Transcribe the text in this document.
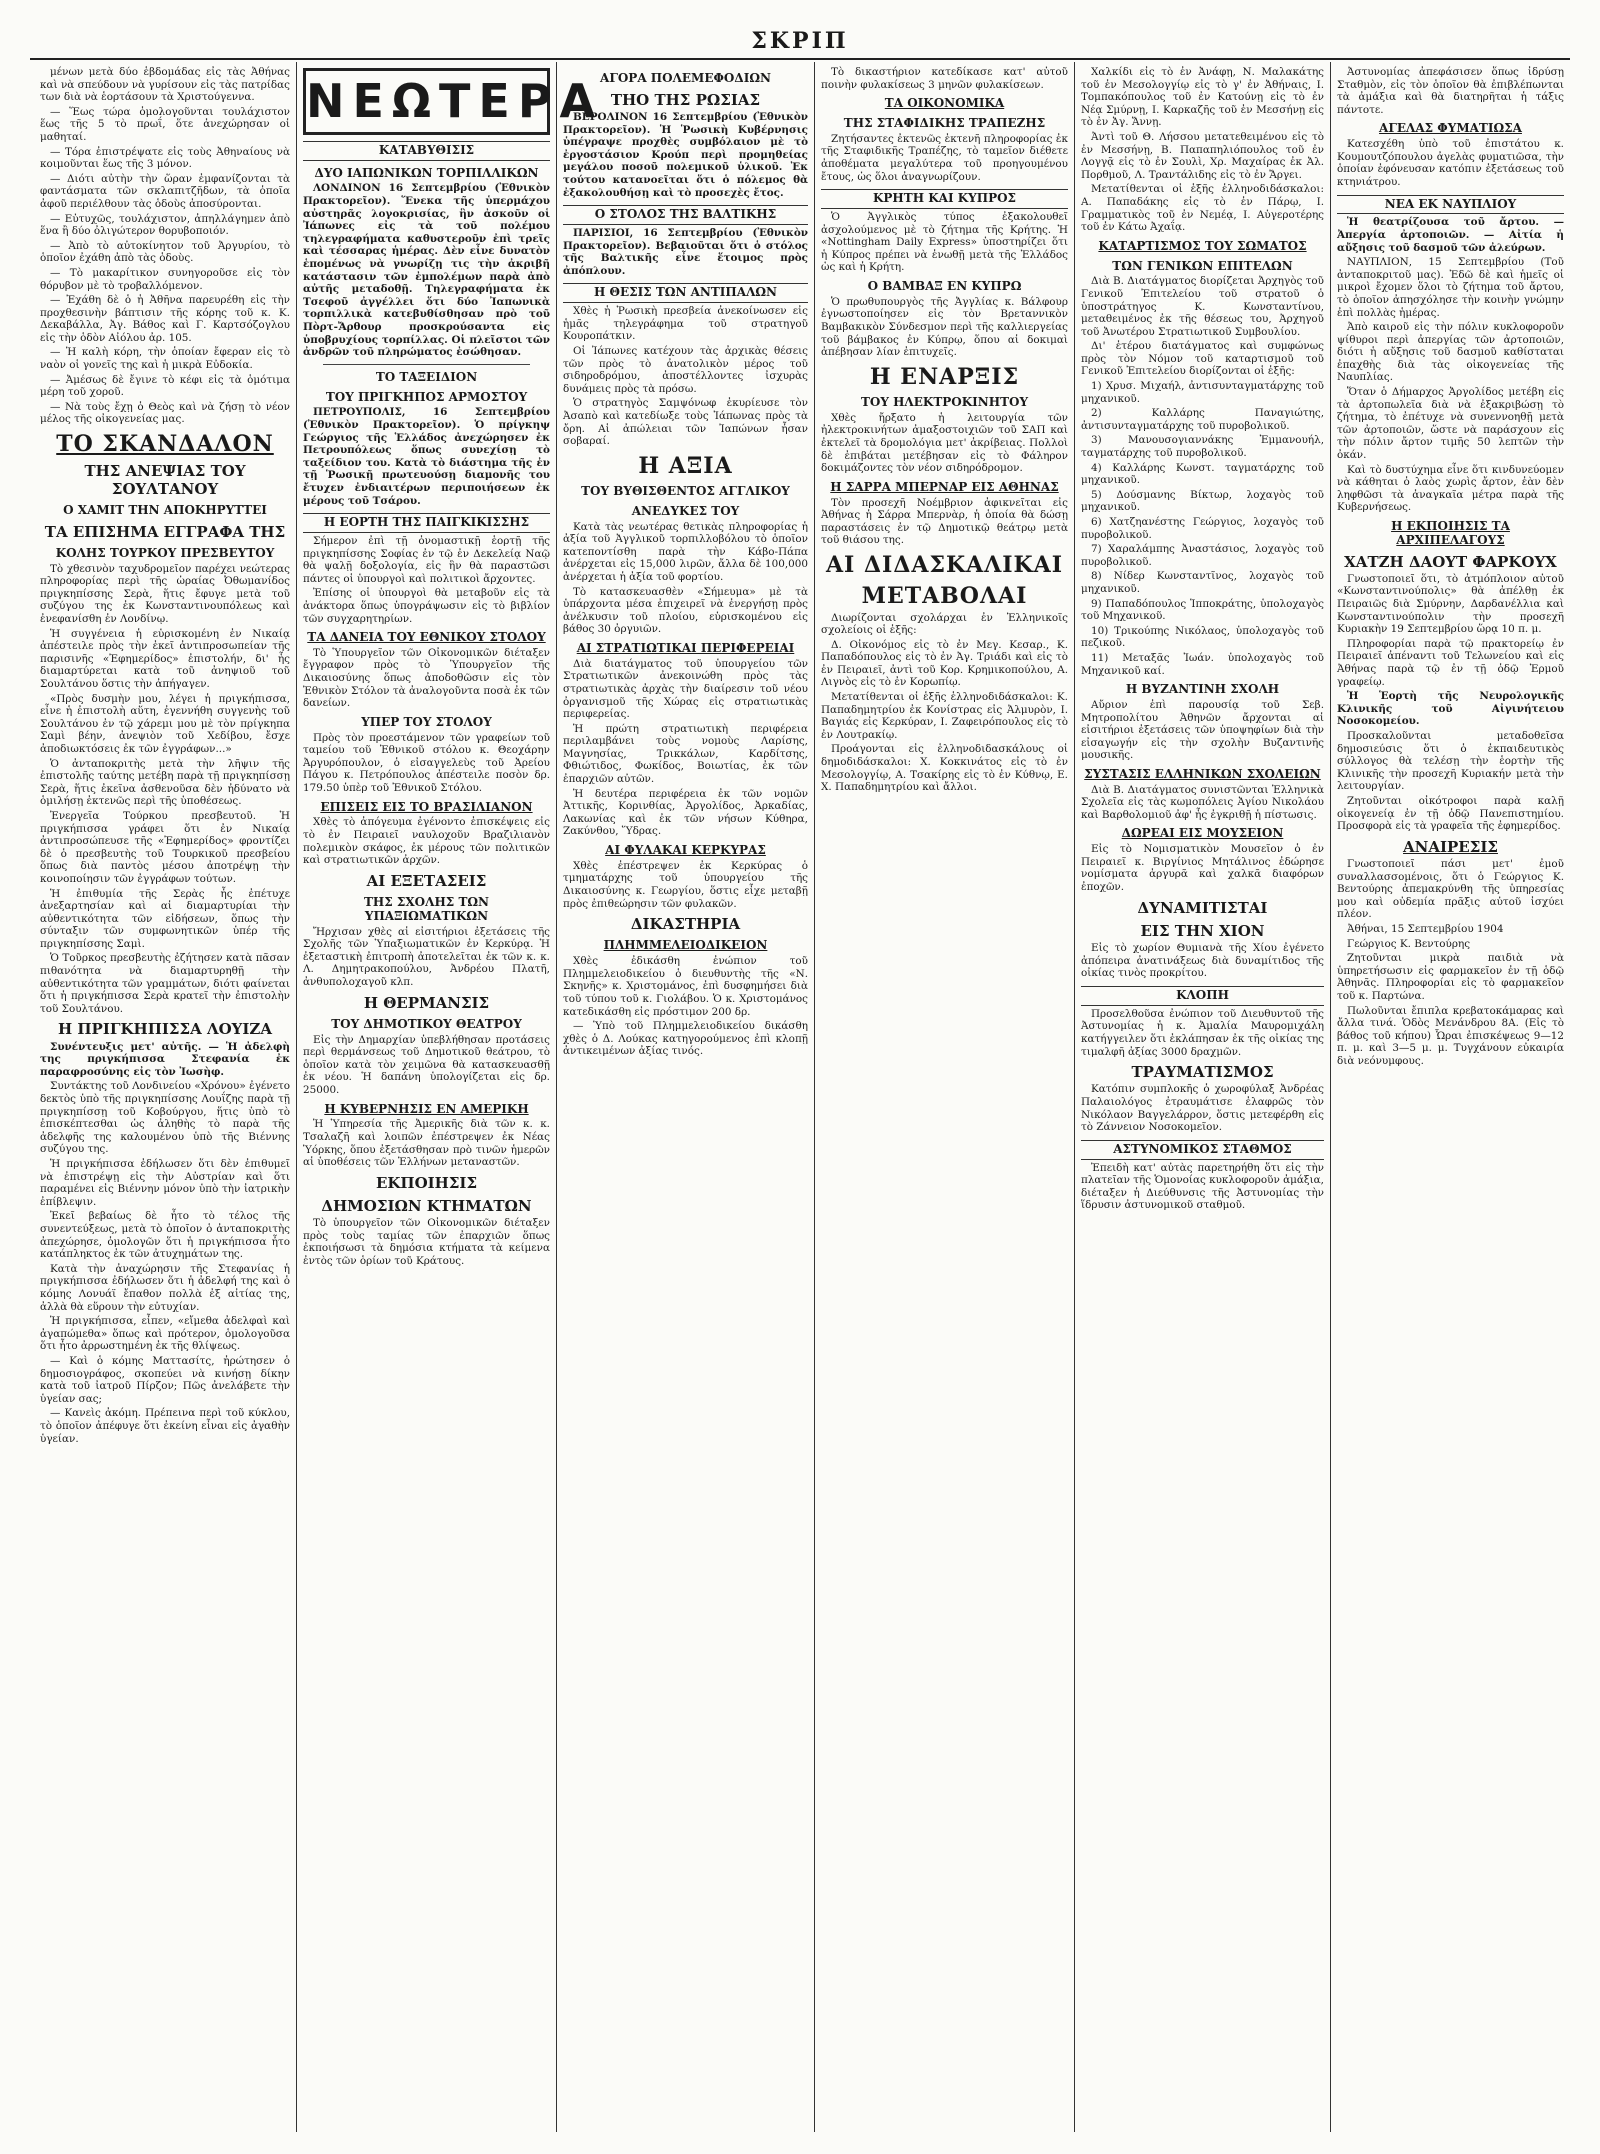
ΣΚΡΙΠ

μένων μετὰ δύο ἑβδομάδας εἰς τὰς Ἀθήνας καὶ νὰ σπεύδουν νὰ γυρίσουν εἰς τὰς πατρίδας των διὰ νὰ ἑορτάσουν τὰ Χριστούγεννα.

— Ἕως τώρα ὁμολογοῦνται τουλάχιστον ἕως τῆς 5 τὸ πρωΐ, ὅτε ἀνεχώρησαν οἱ μαθηταί.

— Τόρα ἐπιστρέψατε εἰς τοὺς Ἀθηναίους νὰ κοιμοῦνται ἕως τῆς 3 μόνον.

— Διότι αὐτὴν τὴν ὥραν ἐμφανίζονται τὰ φαντάσματα τῶν σκλαπιτζῆδων, τὰ ὁποῖα ἀφοῦ περιέλθουν τὰς ὁδοὺς ἀποσύρονται.

— Εὐτυχῶς, τουλάχιστον, ἀπηλλάγημεν ἀπὸ ἕνα ἢ δύο ὀλιγώτερον θορυβοποιόν.

— Ἀπὸ τὸ αὐτοκίνητον τοῦ Ἀργυρίου, τὸ ὁποῖον ἐχάθη ἀπὸ τὰς ὁδοὺς.

— Τὸ μακαρίτικον συνηγοροῦσε εἰς τὸν θόρυβον μὲ τὸ τροβαλλόμενον.

— Ἐχάθη δὲ ὁ ἡ Ἀθῆνα παρευρέθη εἰς τὴν προχθεσινὴν βάπτισιν τῆς κόρης τοῦ κ. Κ. Δεκαβάλλα, Ἀγ. Βάθος καὶ Γ. Καρτσόζογλου εἰς τὴν ὁδὸν Αἰόλου ἀρ. 105.

— Ἡ καλὴ κόρη, τὴν ὁποίαν ἔφεραν εἰς τὸ ναὸν οἱ γονεῖς της καὶ ἡ μικρὰ Εὐδοκία.

— Ἀμέσως δὲ ἔγινε τὸ κέφι εἰς τὰ ὁμότιμα μέρη τοῦ χοροῦ.

— Νὰ τοὺς ἔχῃ ὁ Θεὸς καὶ νὰ ζήσῃ τὸ νέον μέλος τῆς οἰκογενείας μας.

ΤΟ ΣΚΑΝΔΑΛΟΝ
ΤΗΣ ΑΝΕΨΙΑΣ ΤΟΥ ΣΟΥΛΤΑΝΟΥ
Ο ΧΑΜΙΤ ΤΗΝ ΑΠΟΚΗΡΥΤΤΕΙ
ΤΑ ΕΠΙΣΗΜΑ ΕΓΓΡΑΦΑ ΤΗΣ
ΚΟΛΗΣ ΤΟΥΡΚΟΥ ΠΡΕΣΒΕΥΤΟΥ

Τὸ χθεσινὸν ταχυδρομεῖον παρέχει νεώτερας πληροφορίας περὶ τῆς ὡραίας Ὀθωμανίδος πριγκηπίσσης Σερὰ, ἥτις ἔφυγε μετὰ τοῦ συζύγου της ἐκ Κωνσταντινουπόλεως καὶ ἐνεφανίσθη ἐν Λονδίνῳ.

Ἡ συγγένεια ἡ εὑρισκομένη ἐν Νικαίᾳ ἀπέστειλε πρὸς τὴν ἐκεῖ ἀντιπροσωπείαν τῆς παρισινῆς «Ἐφημερίδος» ἐπιστολήν, δι' ἧς διαμαρτύρεται κατὰ τοῦ ἀνηψιοῦ τοῦ Σουλτάνου ὅστις τὴν ἀπήγαγεν.

«Πρὸς δυσμὴν μου, λέγει ἡ πριγκήπισσα, εἶνε ἡ ἐπιστολὴ αὕτη, ἐγεννήθη συγγενὴς τοῦ Σουλτάνου ἐν τῷ χάρεμι μου μὲ τὸν πρίγκηπα Σαμὶ βέην, ἀνεψιὸν τοῦ Χεδίβου, ἔσχε ἀποδιωκτόσεις ἐκ τῶν ἐγγράφων...»

Ὁ ἀνταποκριτὴς μετὰ τὴν λῆψιν τῆς ἐπιστολῆς ταύτης μετέβη παρὰ τῇ πριγκηπίσσῃ Σερὰ, ἥτις ἐκεῖνα ἀσθενοῦσα δὲν ἠδύνατο νὰ ὁμιλήσῃ ἐκτενῶς περὶ τῆς ὑποθέσεως.

Ἐνεργεῖα Τούρκου πρεσβευτοῦ. Ἡ πριγκήπισσα γράφει ὅτι ἐν Νικαίᾳ ἀντιπροσώπευσε τῆς «Ἐφημερίδος» φροντίζει δὲ ὁ πρεσβευτὴς τοῦ Τουρκικοῦ πρεσβείου ὅπως διὰ παντὸς μέσου ἀποτρέψῃ τὴν κοινοποίησιν τῶν ἐγγράφων τούτων.

Ἡ ἐπιθυμία τῆς Σερὰς ἧς ἐπέτυχε ἀνεξαρτησίαν καὶ αἱ διαμαρτυρίαι τὴν αὐθεντικότητα τῶν εἰδήσεων, ὅπως τὴν σύνταξιν τῶν συμφωνητικῶν ὑπέρ τῆς πριγκηπίσσης Σαμὶ.

Ὁ Τοῦρκος πρεσβευτὴς ἐζήτησεν κατὰ πᾶσαν πιθανότητα νὰ διαμαρτυρηθῇ τὴν αὐθεντικότητα τῶν γραμμάτων, διότι φαίνεται ὅτι ἡ πριγκήπισσα Σερὰ κρατεῖ τὴν ἐπιστολὴν τοῦ Σουλτάνου.

Η ΠΡΙΓΚΗΠΙΣΣΑ ΛΟΥΙΖΑ

Συνέντευξις μετ' αὐτῆς. — Ἡ ἀδελφὴ της πριγκήπισσα Στεφανία ἐκ παραφροσύνης εἰς τὸν Ἰωσὴφ.

Συντάκτης τοῦ Λονδινείου «Χρόνου» ἐγένετο δεκτὸς ὑπὸ τῆς πριγκηπίσσης Λουΐζης παρὰ τῇ πριγκηπίσσῃ τοῦ Κοβούργου, ἥτις ὑπὸ τὸ ἐπισκέπτεσθαι ὡς ἀληθὴς τὸ παρὰ τῆς ἀδελφῆς της καλουμένου ὑπὸ τῆς Βιέννης συζύγου της.

Ἡ πριγκήπισσα ἐδήλωσεν ὅτι δὲν ἐπιθυμεῖ νὰ ἐπιστρέψῃ εἰς τὴν Αὐστρίαν καὶ ὅτι παραμένει εἰς Βιέννην μόνον ὑπὸ τὴν ἰατρικὴν ἐπίβλεψιν.

Ἐκεῖ βεβαίως δὲ ἦτο τὸ τέλος τῆς συνεντεύξεως, μετὰ τὸ ὁποῖον ὁ ἀνταποκριτὴς ἀπεχώρησε, ὁμολογῶν ὅτι ἡ πριγκήπισσα ἦτο κατάπληκτος ἐκ τῶν ἀτυχημάτων της.

Κατὰ τὴν ἀναχώρησιν τῆς Στεφανίας ἡ πριγκήπισσα ἐδήλωσεν ὅτι ἡ ἀδελφή της καὶ ὁ κόμης Λονυάϊ ἔπαθον πολλὰ ἐξ αἰτίας της, ἀλλὰ θὰ εὕρουν τὴν εὐτυχίαν.

Ἡ πριγκήπισσα, εἶπεν, «εἴμεθα ἀδελφαὶ καὶ ἀγαπώμεθα» ὅπως καὶ πρότερον, ὁμολογοῦσα ὅτι ἦτο ἀρρωστημένη ἐκ τῆς θλίψεως.

— Καὶ ὁ κόμης Ματτασίτς, ἠρώτησεν ὁ δημοσιογράφος, σκοπεύει νὰ κινήσῃ δίκην κατὰ τοῦ ἰατροῦ Πίρζον; Πῶς ἀνελάβετε τὴν ὑγείαν σας;

— Κανεὶς ἀκόμη. Πρέπεινα περὶ τοῦ κύκλου, τὸ ὁποῖον ἀπέφυγε ὅτι ἐκείνη εἶναι εἰς ἀγαθὴν ὑγείαν.

ΝΕΩΤΕΡΑ
ΚΑΤΑΒΥΘΙΣΙΣ
ΔΥΟ ΙΑΠΩΝΙΚΩΝ ΤΟΡΠΙΛΛΙΚΩΝ

ΛΟΝΔΙΝΟΝ 16 Σεπτεμβρίου (Ἐθνικὸν Πρακτορεῖον). Ἕνεκα τῆς ὑπερμάχου αὐστηρᾶς λογοκρισίας, ἣν ἀσκοῦν οἱ Ἰάπωνες εἰς τὰ τοῦ πολέμου τηλεγραφήματα καθυστεροῦν ἐπὶ τρεῖς καὶ τέσσαρας ἡμέρας. Δὲν εἶνε δυνατὸν ἑπομένως νὰ γνωρίζῃ τις τὴν ἀκριβῆ κατάστασιν τῶν ἐμπολέμων παρὰ ἀπὸ αὐτῆς μεταδοθῇ. Τηλεγραφήματα ἐκ Τσεφοῦ ἀγγέλλει ὅτι δύο Ἰαπωνικὰ τορπιλλικὰ κατεβυθίσθησαν πρὸ τοῦ Πὸρτ-Ἄρθουρ προσκρούσαντα εἰς ὑποβρυχίους τορπίλλας. Οἱ πλεῖστοι τῶν ἀνδρῶν τοῦ πληρώματος ἐσώθησαν.

ΤΟ ΤΑΞΕΙΔΙΟΝ
ΤΟΥ ΠΡΙΓΚΗΠΟΣ ΑΡΜΟΣΤΟΥ

ΠΕΤΡΟΥΠΟΛΙΣ, 16 Σεπτεμβρίου (Ἐθνικὸν Πρακτορεῖον). Ὁ πρίγκηψ Γεώργιος τῆς Ἑλλάδος ἀνεχώρησεν ἐκ Πετρουπόλεως ὅπως συνεχίσῃ τὸ ταξείδιον του. Κατὰ τὸ διάστημα τῆς ἐν τῇ Ῥωσικῇ πρωτευούσῃ διαμονῆς του ἔτυχεν ἐνδιαιτέρων περιποιήσεων ἐκ μέρους τοῦ Τσάρου.

Η ΕΟΡΤΗ ΤΗΣ ΠΑΙΓΚΙΚΙΣΣΗΣ

Σήμερον ἐπὶ τῇ ὀνομαστικῇ ἑορτῇ τῆς πριγκηπίσσης Σοφίας ἐν τῷ ἐν Δεκελείᾳ Ναῷ θὰ ψαλῇ δοξολογία, εἰς ἣν θὰ παραστῶσι πάντες οἱ ὑπουργοὶ καὶ πολιτικοὶ ἄρχοντες.

Ἐπίσης οἱ ὑπουργοὶ θὰ μεταβοῦν εἰς τὰ ἀνάκτορα ὅπως ὑπογράψωσιν εἰς τὸ βιβλίον τῶν συγχαρητηρίων.

ΤΑ ΔΑΝΕΙΑ ΤΟΥ ΕΘΝΙΚΟΥ ΣΤΟΛΟΥ

Τὸ Ὑπουργεῖον τῶν Οἰκονομικῶν διέταξεν ἔγγραφον πρὸς τὸ Ὑπουργεῖον τῆς Δικαιοσύνης ὅπως ἀποδοθῶσιν εἰς τὸν Ἐθνικὸν Στόλον τὰ ἀναλογοῦντα ποσὰ ἐκ τῶν δανείων.

ΥΠΕΡ ΤΟΥ ΣΤΟΛΟΥ

Πρὸς τὸν προεστάμενον τῶν γραφείων τοῦ ταμείου τοῦ Ἐθνικοῦ στόλου κ. Θεοχάρην Ἀργυρόπουλον, ὁ εἰσαγγελεὺς τοῦ Ἀρείου Πάγου κ. Πετρόπουλος ἀπέστειλε ποσὸν δρ. 179.50 ὑπὲρ τοῦ Ἐθνικοῦ Στόλου.

ΕΠΙΣΕΙΣ ΕΙΣ ΤΟ ΒΡΑΣΙΛΙΑΝΟΝ

Χθὲς τὸ ἀπόγευμα ἐγένοντο ἐπισκέψεις εἰς τὸ ἐν Πειραιεῖ ναυλοχοῦν Βραζιλιανὸν πολεμικὸν σκάφος, ἐκ μέρους τῶν πολιτικῶν καὶ στρατιωτικῶν ἀρχῶν.

ΑΙ ΕΞΕΤΑΣΕΙΣ
ΤΗΣ ΣΧΟΛΗΣ ΤΩΝ ΥΠΑΞΙΩΜΑΤΙΚΩΝ

Ἤρχισαν χθὲς αἱ εἰσιτήριοι ἐξετάσεις τῆς Σχολῆς τῶν Ὑπαξιωματικῶν ἐν Κερκύρᾳ. Ἡ ἐξεταστικὴ ἐπιτροπὴ ἀποτελεῖται ἐκ τῶν κ. κ. Λ. Δημητρακοπούλου, Ἀνδρέου Πλατῆ, ἀνθυπολοχαγοῦ κλπ.

Η ΘΕΡΜΑΝΣΙΣ
ΤΟΥ ΔΗΜΟΤΙΚΟΥ ΘΕΑΤΡΟΥ

Εἰς τὴν Δημαρχίαν ὑπεβλήθησαν προτάσεις περὶ θερμάνσεως τοῦ Δημοτικοῦ θεάτρου, τὸ ὁποῖον κατὰ τὸν χειμῶνα θὰ κατασκευασθῇ ἐκ νέου. Ἡ δαπάνη ὑπολογίζεται εἰς δρ. 25000.

Η ΚΥΒΕΡΝΗΣΙΣ ΕΝ ΑΜΕΡΙΚΗ

Ἡ Ὑπηρεσία τῆς Ἀμερικῆς διὰ τῶν κ. κ. Τσαλαζῆ καὶ λοιπῶν ἐπέστρεψεν ἐκ Νέας Ὑόρκης, ὅπου ἐξετάσθησαν πρὸ τινῶν ἡμερῶν αἱ ὑποθέσεις τῶν Ἑλλήνων μεταναστῶν.

ΕΚΠΟΙΗΣΙΣ
ΔΗΜΟΣΙΩΝ ΚΤΗΜΑΤΩΝ

Τὸ ὑπουργεῖον τῶν Οἰκονομικῶν διέταξεν πρὸς τοὺς ταμίας τῶν ἐπαρχιῶν ὅπως ἐκποιήσωσι τὰ δημόσια κτήματα τὰ κείμενα ἐντὸς τῶν ὁρίων τοῦ Κράτους.

ΑΓΟΡΑ ΠΟΛΕΜΕΦΟΔΙΩΝ
ΤΗΟ ΤΗΣ ΡΩΣΙΑΣ

ΒΕΡΟΛΙΝΟΝ 16 Σεπτεμβρίου (Ἐθνικὸν Πρακτορεῖον). Ἡ Ῥωσικὴ Κυβέρνησις ὑπέγραψε προχθὲς συμβόλαιον μὲ τὸ ἐργοστάσιον Κρούπ περὶ προμηθείας μεγάλου ποσοῦ πολεμικοῦ ὑλικοῦ. Ἐκ τούτου κατανοεῖται ὅτι ὁ πόλεμος θὰ ἐξακολουθήσῃ καὶ τὸ προσεχὲς ἔτος.

Ο ΣΤΟΛΟΣ ΤΗΣ ΒΑΛΤΙΚΗΣ

ΠΑΡΙΣΙΟΙ, 16 Σεπτεμβρίου (Ἐθνικὸν Πρακτορεῖον). Βεβαιοῦται ὅτι ὁ στόλος τῆς Βαλτικῆς εἶνε ἕτοιμος πρὸς ἀπόπλουν.

Η ΘΕΣΙΣ ΤΩΝ ΑΝΤΙΠΑΛΩΝ

Χθὲς ἡ Ῥωσικὴ πρεσβεία ἀνεκοίνωσεν εἰς ἡμᾶς τηλεγράφημα τοῦ στρατηγοῦ Κουροπάτκιν.

Οἱ Ἰάπωνες κατέχουν τὰς ἀρχικὰς θέσεις τῶν πρὸς τὸ ἀνατολικὸν μέρος τοῦ σιδηροδρόμου, ἀποστέλλοντες ἰσχυρὰς δυνάμεις πρὸς τὰ πρόσω.

Ὁ στρατηγὸς Σαμψόνωφ ἐκυρίευσε τὸν Ἀσαπὸ καὶ κατεδίωξε τοὺς Ἰάπωνας πρὸς τὰ ὄρη. Αἱ ἀπώλειαι τῶν Ἰαπώνων ἦσαν σοβαραί.

Η ΑΞΙΑ
ΤΟΥ ΒΥΘΙΣΘΕΝΤΟΣ ΑΓΓΛΙΚΟΥ
ΑΝΕΔΥΚΕΣ ΤΟΥ

Κατὰ τὰς νεωτέρας θετικὰς πληροφορίας ἡ ἀξία τοῦ Ἀγγλικοῦ τορπιλλοβόλου τὸ ὁποῖον κατεποντίσθη παρὰ τὴν Κάβο-Πάπα ἀνέρχεται εἰς 15,000 λιρῶν, ἄλλα δὲ 100,000 ἀνέρχεται ἡ ἀξία τοῦ φορτίου.

Τὸ κατασκευασθὲν «Σήμευμα» μὲ τὰ ὑπάρχοντα μέσα ἐπιχειρεῖ νὰ ἐνεργήσῃ πρὸς ἀνέλκυσιν τοῦ πλοίου, εὑρισκομένου εἰς βάθος 30 ὀργυιῶν.

ΑΙ ΣΤΡΑΤΙΩΤΙΚΑΙ ΠΕΡΙΦΕΡΕΙΑΙ

Διὰ διατάγματος τοῦ ὑπουργείου τῶν Στρατιωτικῶν ἀνεκοινώθη πρὸς τὰς στρατιωτικὰς ἀρχὰς τὴν διαίρεσιν τοῦ νέου ὀργανισμοῦ τῆς Χώρας εἰς στρατιωτικὰς περιφερείας.

Ἡ πρώτη στρατιωτικὴ περιφέρεια περιλαμβάνει τοὺς νομοὺς Λαρίσης, Μαγνησίας, Τρικκάλων, Καρδίτσης, Φθιώτιδος, Φωκίδος, Βοιωτίας, ἐκ τῶν ἐπαρχιῶν αὐτῶν.

Ἡ δευτέρα περιφέρεια ἐκ τῶν νομῶν Ἀττικῆς, Κορινθίας, Ἀργολίδος, Ἀρκαδίας, Λακωνίας καὶ ἐκ τῶν νήσων Κύθηρα, Ζακύνθου, Ὕδρας.

ΑΙ ΦΥΛΑΚΑΙ ΚΕΡΚΥΡΑΣ

Χθὲς ἐπέστρεψεν ἐκ Κερκύρας ὁ τμηματάρχης τοῦ ὑπουργείου τῆς Δικαιοσύνης κ. Γεωργίου, ὅστις εἶχε μεταβῇ πρὸς ἐπιθεώρησιν τῶν φυλακῶν.

ΔΙΚΑΣΤΗΡΙΑ
ΠΛΗΜΜΕΛΕΙΟΔΙΚΕΙΟΝ

Χθὲς ἐδικάσθη ἐνώπιον τοῦ Πλημμελειοδικείου ὁ διευθυντὴς τῆς «Ν. Σκηνῆς» κ. Χριστομάνος, ἐπὶ δυσφημήσει διὰ τοῦ τύπου τοῦ κ. Γιολάβου. Ὁ κ. Χριστομάνος κατεδικάσθη εἰς πρόστιμον 200 δρ.

— Ὑπὸ τοῦ Πλημμελειοδικείου δικάσθη χθὲς ὁ Δ. Λούκας κατηγορούμενος ἐπὶ κλοπῇ ἀντικειμένων ἀξίας τινός.

Τὸ δικαστήριον κατεδίκασε κατ' αὐτοῦ ποινὴν φυλακίσεως 3 μηνῶν φυλακίσεων.

ΤΑ ΟΙΚΟΝΟΜΙΚΑ
ΤΗΣ ΣΤΑΦΙΔΙΚΗΣ ΤΡΑΠΕΖΗΣ

Ζητήσαντες ἐκτενῶς ἐκτενῆ πληροφορίας ἐκ τῆς Σταφιδικῆς Τραπέζης, τὸ ταμεῖον διέθετε ἀποθέματα μεγαλύτερα τοῦ προηγουμένου ἔτους, ὡς ὅλοι ἀναγνωρίζουν.

ΚΡΗΤΗ ΚΑΙ ΚΥΠΡΟΣ

Ὁ Ἀγγλικὸς τύπος ἐξακολουθεῖ ἀσχολούμενος μὲ τὸ ζήτημα τῆς Κρήτης. Ἡ «Nottingham Daily Express» ὑποστηρίζει ὅτι ἡ Κύπρος πρέπει νὰ ἑνωθῇ μετὰ τῆς Ἑλλάδος ὡς καὶ ἡ Κρήτη.

Ο ΒΑΜΒΑΞ ΕΝ ΚΥΠΡΩ

Ὁ πρωθυπουργὸς τῆς Ἀγγλίας κ. Βάλφουρ ἐγνωστοποίησεν εἰς τὸν Βρεταννικὸν Βαμβακικὸν Σύνδεσμον περὶ τῆς καλλιεργείας τοῦ βάμβακος ἐν Κύπρῳ, ὅπου αἱ δοκιμαὶ ἀπέβησαν λίαν ἐπιτυχεῖς.

Η ΕΝΑΡΞΙΣ
ΤΟΥ ΗΛΕΚΤΡΟΚΙΝΗΤΟΥ

Χθὲς ἤρξατο ἡ λειτουργία τῶν ἠλεκτροκινήτων ἀμαξοστοιχιῶν τοῦ ΣΑΠ καὶ ἐκτελεῖ τὰ δρομολόγια μετ' ἀκρίβειας. Πολλοὶ δὲ ἐπιβάται μετέβησαν εἰς τὸ Φάληρον δοκιμάζοντες τὸν νέον σιδηρόδρομον.

Η ΣΑΡΡΑ ΜΠΕΡΝΑΡ ΕΙΣ ΑΘΗΝΑΣ

Τὸν προσεχῆ Νοέμβριον ἀφικνεῖται εἰς Ἀθήνας ἡ Σάρρα Μπερνὰρ, ἡ ὁποία θὰ δώσῃ παραστάσεις ἐν τῷ Δημοτικῷ θεάτρῳ μετὰ τοῦ θιάσου της.

ΑΙ ΔΙΔΑΣΚΑΛΙΚΑΙ
ΜΕΤΑΒΟΛΑΙ

Διωρίζονται σχολάρχαι ἐν Ἑλληνικοῖς σχολείοις οἱ ἑξῆς:

Δ. Οἰκονόμος εἰς τὸ ἐν Μεγ. Κεσαρ., Κ. Παπαδόπουλος εἰς τὸ ἐν Ἀγ. Τριάδι καὶ εἰς τὸ ἐν Πειραιεῖ, ἀντὶ τοῦ Κορ. Κρημικοπούλου, Α. Λιγνὸς εἰς τὸ ἐν Κορωπίῳ.

Μετατίθενται οἱ ἑξῆς ἑλληνοδιδάσκαλοι: Κ. Παπαδημητρίου ἐκ Κονίστρας εἰς Ἀλμυρὸν, Ι. Βαγιάς εἰς Κερκύραν, Ι. Ζαφειρόπουλος εἰς τὸ ἐν Λουτρακίῳ.

Προάγονται εἰς ἑλληνοδιδασκάλους οἱ δημοδιδάσκαλοι: Χ. Κοκκινάτος εἰς τὸ ἐν Μεσολογγίῳ, Α. Τσακίρης εἰς τὸ ἐν Κύθνῳ, Ε. Χ. Παπαδημητρίου καὶ ἄλλοι.

Χαλκίδι εἰς τὸ ἐν Ἀνάφῃ, Ν. Μαλακάτης τοῦ ἐν Μεσολογγίῳ εἰς τὸ γ' ἐν Ἀθήναις, Ι. Τομπακόπουλος τοῦ ἐν Κατούνῃ εἰς τὸ ἐν Νέᾳ Σμύρνῃ, Ι. Καρκαζῆς τοῦ ἐν Μεσσήνῃ εἰς τὸ ἐν Ἀγ. Ἄννῃ.

Ἀντὶ τοῦ Θ. Λήσσου μετατεθειμένου εἰς τὸ ἐν Μεσσήνῃ, Β. Παπαπηλιόπουλος τοῦ ἐν Λογγᾷ εἰς τὸ ἐν Σουλὶ, Χρ. Μαχαίρας ἐκ Ἀλ. Πορθμοῦ, Λ. Τραντάλιδης εἰς τὸ ἐν Ἄργει.

Μετατίθενται οἱ ἑξῆς ἑλληνοδιδάσκαλοι: Α. Παπαδάκης εἰς τὸ ἐν Πάρῳ, Ι. Γραμματικὸς τοῦ ἐν Νεμέᾳ, Ι. Αὐγεροτέρης τοῦ ἐν Κάτω Ἀχαΐᾳ.

ΚΑΤΑΡΤΙΣΜΟΣ ΤΟΥ ΣΩΜΑΤΟΣ
ΤΩΝ ΓΕΝΙΚΩΝ ΕΠΙΤΕΛΩΝ

Διὰ Β. Διατάγματος διορίζεται Ἀρχηγὸς τοῦ Γενικοῦ Ἐπιτελείου τοῦ στρατοῦ ὁ ὑποστράτηγος Κ. Κωνσταντίνου, μεταθειμένος ἐκ τῆς θέσεως του, Ἀρχηγοῦ τοῦ Ἀνωτέρου Στρατιωτικοῦ Συμβουλίου.

Δι' ἑτέρου διατάγματος καὶ συμφώνως πρὸς τὸν Νόμον τοῦ καταρτισμοῦ τοῦ Γενικοῦ Ἐπιτελείου διορίζονται οἱ ἑξῆς:

1) Χρυσ. Μιχαήλ, ἀντισυνταγματάρχης τοῦ μηχανικοῦ.

2) Καλλάρης Παναγιώτης, ἀντισυνταγματάρχης τοῦ πυροβολικοῦ.

3) Μανουσογιαννάκης Ἐμμανουήλ, ταγματάρχης τοῦ πυροβολικοῦ.

4) Καλλάρης Κωνστ. ταγματάρχης τοῦ μηχανικοῦ.

5) Δούσμανης Βίκτωρ, λοχαγὸς τοῦ μηχανικοῦ.

6) Χατζηανέστης Γεώργιος, λοχαγὸς τοῦ πυροβολικοῦ.

7) Χαραλάμπης Ἀναστάσιος, λοχαγὸς τοῦ πυροβολικοῦ.

8) Νίδερ Κωνσταντῖνος, λοχαγὸς τοῦ μηχανικοῦ.

9) Παπαδόπουλος Ἱπποκράτης, ὑπολοχαγὸς τοῦ Μηχανικοῦ.

10) Τρικούπης Νικόλαος, ὑπολοχαγὸς τοῦ πεζικοῦ.

11) Μεταξᾶς Ἰωάν. ὑπολοχαγὸς τοῦ Μηχανικοῦ καί.

Η ΒΥΖΑΝΤΙΝΗ ΣΧΟΛΗ

Αὔριον ἐπὶ παρουσίᾳ τοῦ Σεβ. Μητροπολίτου Ἀθηνῶν ἄρχονται αἱ εἰσιτήριοι ἐξετάσεις τῶν ὑποψηφίων διὰ τὴν εἰσαγωγήν εἰς τὴν σχολὴν Βυζαντινῆς μουσικῆς.

ΣΥΣΤΑΣΙΣ ΕΛΛΗΝΙΚΩΝ ΣΧΟΛΕΙΩΝ

Διὰ Β. Διατάγματος συνιστῶνται Ἑλληνικὰ Σχολεῖα εἰς τὰς κωμοπόλεις Ἀγίου Νικολάου καὶ Βαρθολομιοῦ ἀφ' ἧς ἐγκριθῇ ἡ πίστωσις.

ΔΩΡΕΑΙ ΕΙΣ ΜΟΥΣΕΙΟΝ

Εἰς τὸ Νομισματικὸν Μουσεῖον ὁ ἐν Πειραιεῖ κ. Βιργίνιος Μητάλινος ἐδώρησε νομίσματα ἀργυρᾶ καὶ χαλκᾶ διαφόρων ἐποχῶν.

ΔΥΝΑΜΙΤΙΣΤΑΙ
ΕΙΣ ΤΗΝ ΧΙΟΝ

Εἰς τὸ χωρίον Θυμιανὰ τῆς Χίου ἐγένετο ἀπόπειρα ἀνατινάξεως διὰ δυναμίτιδος τῆς οἰκίας τινὸς προκρίτου.

ΚΛΟΠΗ

Προσελθοῦσα ἐνώπιον τοῦ Διευθυντοῦ τῆς Ἀστυνομίας ἡ κ. Ἀμαλία Μαυρομιχάλη κατήγγειλεν ὅτι ἐκλάπησαν ἐκ τῆς οἰκίας της τιμαλφῆ ἀξίας 3000 δραχμῶν.

ΤΡΑΥΜΑΤΙΣΜΟΣ

Κατόπιν συμπλοκῆς ὁ χωροφύλαξ Ἀνδρέας Παλαιολόγος ἐτραυμάτισε ἐλαφρῶς τὸν Νικόλαον Βαγγελάρρον, ὅστις μετεφέρθη εἰς τὸ Ζάννειον Νοσοκομεῖον.

ΑΣΤΥΝΟΜΙΚΟΣ ΣΤΑΘΜΟΣ

Ἐπειδὴ κατ' αὐτὰς παρετηρήθη ὅτι εἰς τὴν πλατεῖαν τῆς Ὁμονοίας κυκλοφοροῦν ἀμάξια, διέταξεν ἡ Διεύθυνσις τῆς Ἀστυνομίας τὴν ἵδρυσιν ἀστυνομικοῦ σταθμοῦ.

Ἀστυνομίας ἀπεφάσισεν ὅπως ἰδρύσῃ Σταθμὸν, εἰς τὸν ὁποῖον θὰ ἐπιβλέπωνται τὰ ἀμάξια καὶ θὰ διατηρῆται ἡ τάξις πάντοτε.

ΑΓΕΛΑΣ ΦΥΜΑΤΙΩΣΑ

Κατεσχέθη ὑπὸ τοῦ ἐπιστάτου κ. Κουμουτζόπουλου ἀγελὰς φυματιῶσα, τὴν ὁποίαν ἐφόνευσαν κατόπιν ἐξετάσεως τοῦ κτηνιάτρου.

ΝΕΑ ΕΚ ΝΑΥΠΛΙΟΥ

Ἡ θεατρίζουσα τοῦ ἄρτου. — Ἀπεργία ἀρτοποιῶν. — Αἰτία ἡ αὔξησις τοῦ δασμοῦ τῶν ἀλεύρων.

ΝΑΥΠΛΙΟΝ, 15 Σεπτεμβρίου (Τοῦ ἀνταποκριτοῦ μας). Ἐδῶ δὲ καὶ ἡμεῖς οἱ μικροὶ ἔχομεν ὅλοι τὸ ζήτημα τοῦ ἄρτου, τὸ ὁποῖον ἀπησχόλησε τὴν κοινὴν γνώμην ἐπὶ πολλὰς ἡμέρας.

Ἀπὸ καιροῦ εἰς τὴν πόλιν κυκλοφοροῦν ψίθυροι περὶ ἀπεργίας τῶν ἀρτοποιῶν, διότι ἡ αὔξησις τοῦ δασμοῦ καθίσταται ἐπαχθὴς διὰ τὰς οἰκογενείας τῆς Ναυπλίας.

Ὅταν ὁ Δήμαρχος Ἀργολίδος μετέβη εἰς τὰ ἀρτοπωλεῖα διὰ νὰ ἐξακριβώσῃ τὸ ζήτημα, τὸ ἐπέτυχε νὰ συνεννοηθῇ μετὰ τῶν ἀρτοποιῶν, ὥστε νὰ παράσχουν εἰς τὴν πόλιν ἄρτον τιμῆς 50 λεπτῶν τὴν ὀκάν.

Καὶ τὸ δυστύχημα εἶνε ὅτι κινδυνεύομεν νὰ κάθηται ὁ λαὸς χωρὶς ἄρτον, ἐὰν δὲν ληφθῶσι τὰ ἀναγκαῖα μέτρα παρὰ τῆς Κυβερνήσεως.

Η ΕΚΠΟΙΗΣΙΣ ΤΑ ΑΡΧΙΠΕΛΑΓΟΥΣ
ΧΑΤΖΗ ΔΑΟΥΤ ΦΑΡΚΟΥΧ

Γνωστοποιεῖ ὅτι, τὸ ἀτμόπλοιον αὐτοῦ «Κωνσταντινούπολις» θὰ ἀπέλθῃ ἐκ Πειραιῶς διὰ Σμύρνην, Δαρδανέλλια καὶ Κωνσταντινούπολιν τὴν προσεχῆ Κυριακὴν 19 Σεπτεμβρίου ὥρᾳ 10 π. μ.

Πληροφορίαι παρὰ τῷ πρακτορείῳ ἐν Πειραιεῖ ἀπέναντι τοῦ Τελωνείου καὶ εἰς Ἀθήνας παρὰ τῷ ἐν τῇ ὁδῷ Ἑρμοῦ γραφείῳ.

Ἡ Ἑορτὴ τῆς Νευρολογικῆς Κλινικῆς τοῦ Αἰγινήτειου Νοσοκομείου.

Προσκαλοῦνται μεταδοθεῖσα δημοσιεύσις ὅτι ὁ ἐκπαιδευτικὸς σύλλογος θὰ τελέσῃ τὴν ἑορτὴν τῆς Κλινικῆς τὴν προσεχῆ Κυριακήν μετὰ τὴν λειτουργίαν.

Ζητοῦνται οἰκότροφοι παρὰ καλῇ οἰκογενείᾳ ἐν τῇ ὁδῷ Πανεπιστημίου. Προσφορὰ εἰς τὰ γραφεῖα τῆς ἐφημερίδος.

ΑΝΑΙΡΕΣΙΣ

Γνωστοποιεῖ πάσι μετ' ἐμοῦ συναλλασσομένοις, ὅτι ὁ Γεώργιος Κ. Βεντούρης ἀπεμακρύνθη τῆς ὑπηρεσίας μου καὶ οὐδεμία πρᾶξις αὐτοῦ ἰσχύει πλέον.

Ἀθήναι, 15 Σεπτεμβρίου 1904

Γεώργιος Κ. Βεντούρης

Ζητοῦνται μικρὰ παιδιὰ νὰ ὑπηρετήσωσιν εἰς φαρμακεῖον ἐν τῇ ὁδῷ Ἀθηνᾶς. Πληροφορίαι εἰς τὸ φαρμακεῖον τοῦ κ. Παρτώνα.

Πωλοῦνται ἔπιπλα κρεβατοκάμαρας καὶ ἄλλα τινά. Ὁδὸς Μενάνδρου 8Α. (Εἰς τὸ βάθος τοῦ κήπου) Ὧραι ἐπισκέψεως 9—12 π. μ. καὶ 3—5 μ. μ. Τυγχάνουν εὐκαιρία διὰ νεόνυμφους.
